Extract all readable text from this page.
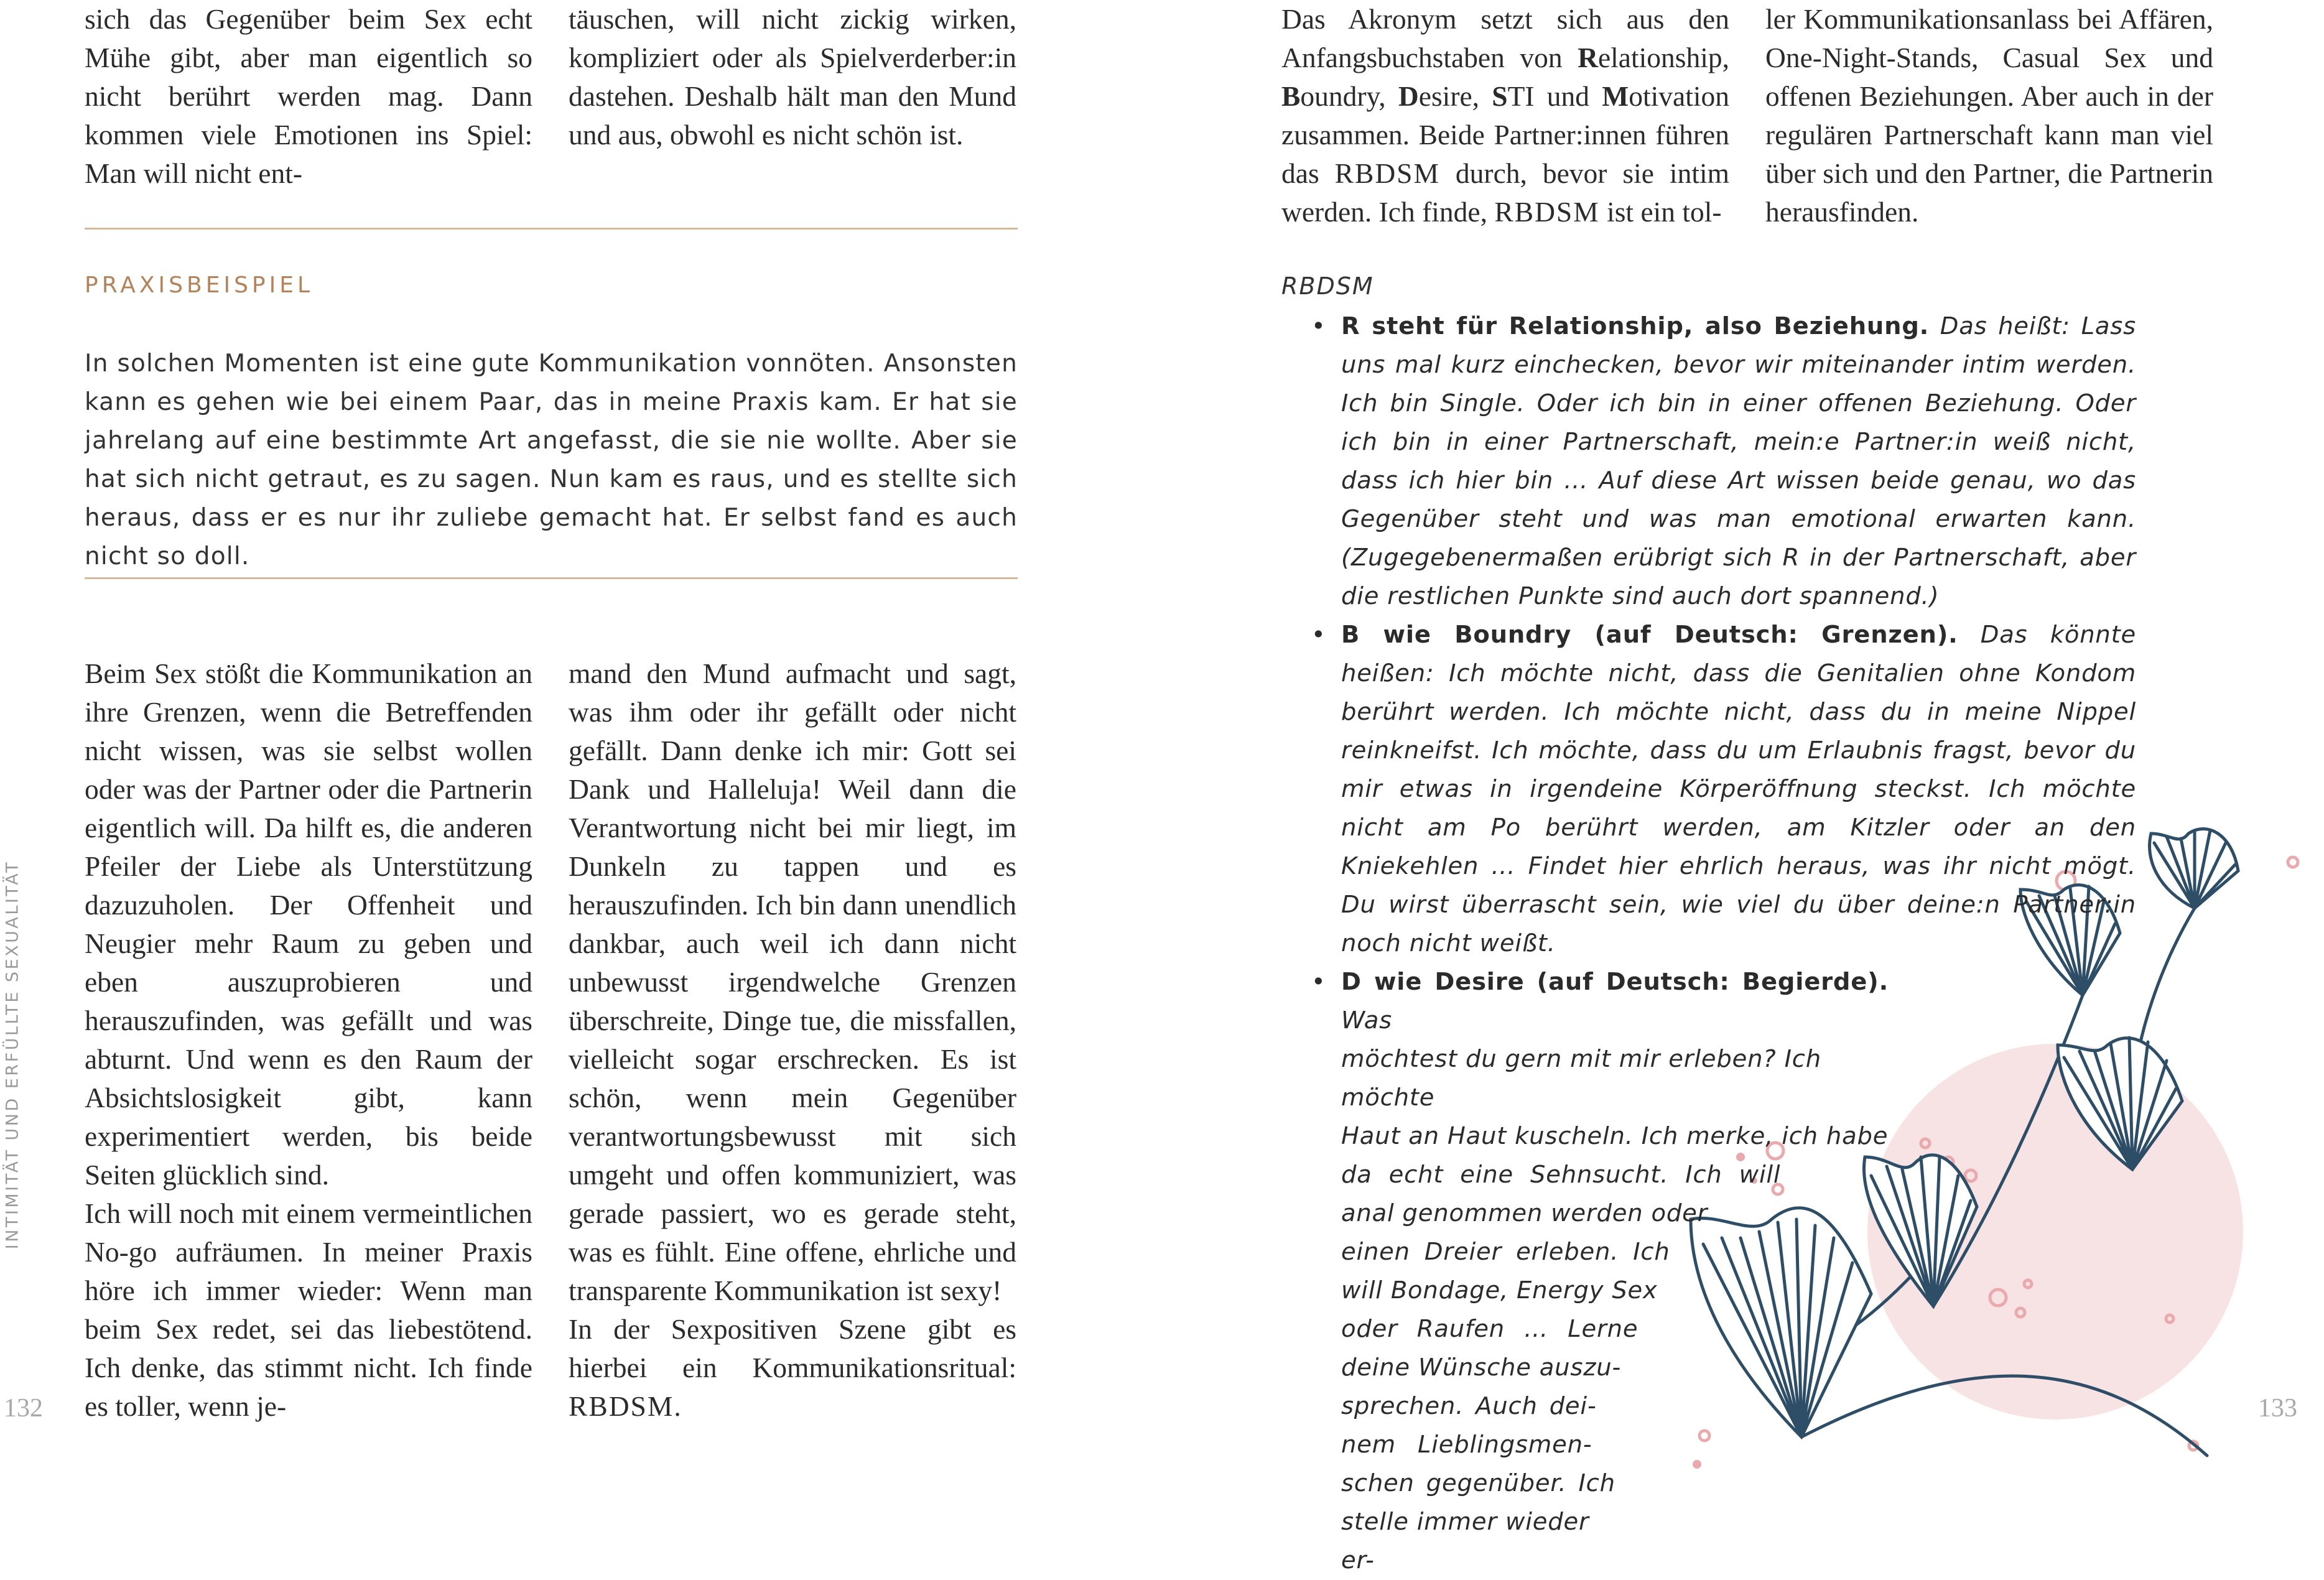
sich das Gegenüber beim Sex echt Mühe gibt, aber man eigentlich so nicht berührt werden mag. Dann kommen viele Emotionen ins Spiel: Man will nicht ent-

täuschen, will nicht zickig wirken, kompliziert oder als Spielverderber:in dastehen. Deshalb hält man den Mund und aus, obwohl es nicht schön ist.

PRAXISBEISPIEL

In solchen Momenten ist eine gute Kommunikation vonnöten. Ansonsten kann es gehen wie bei einem Paar, das in meine Praxis kam. Er hat sie jahrelang auf eine bestimmte Art angefasst, die sie nie wollte. Aber sie hat sich nicht getraut, es zu sagen. Nun kam es raus, und es stellte sich heraus, dass er es nur ihr zuliebe gemacht hat. Er selbst fand es auch nicht so doll.

Beim Sex stößt die Kommunikation an ihre Grenzen, wenn die Betreffenden nicht wissen, was sie selbst wollen oder was der Partner oder die Partnerin eigentlich will. Da hilft es, die anderen Pfeiler der Liebe als Unterstützung dazuzuholen. Der Offenheit und Neugier mehr Raum zu geben und eben auszuprobieren und herauszufinden, was gefällt und was abturnt. Und wenn es den Raum der Absichtslosigkeit gibt, kann experimentiert werden, bis beide Seiten glücklich sind.

Ich will noch mit einem vermeintlichen No-go aufräumen. In meiner Praxis höre ich immer wieder: Wenn man beim Sex redet, sei das liebestötend. Ich denke, das stimmt nicht. Ich finde es toller, wenn je-

mand den Mund aufmacht und sagt, was ihm oder ihr gefällt oder nicht gefällt. Dann denke ich mir: Gott sei Dank und Halleluja! Weil dann die Verantwortung nicht bei mir liegt, im Dunkeln zu tappen und es herauszufinden. Ich bin dann unendlich dankbar, auch weil ich dann nicht unbewusst irgendwelche Grenzen überschreite, Dinge tue, die missfallen, vielleicht sogar erschrecken. Es ist schön, wenn mein Gegenüber verantwortungsbewusst mit sich umgeht und offen kommuniziert, was gerade passiert, wo es gerade steht, was es fühlt. Eine offene, ehrliche und transparente Kommunikation ist sexy!

In der Sexpositiven Szene gibt es hierbei ein Kommunikationsritual: RBDSM.

INTIMITÄT UND ERFÜLLTE SEXUALITÄT
132

Das Akronym setzt sich aus den Anfangsbuchstaben von Relationship, Boundry, Desire, STI und Motivation zusammen. Beide Partner:innen führen das RBDSM durch, bevor sie intim werden. Ich finde, RBDSM ist ein tol-

ler Kommunikationsanlass bei Affären, One-Night-Stands, Casual Sex und offenen Beziehungen. Aber auch in der regulären Partnerschaft kann man viel über sich und den Partner, die Partnerin herausfinden.

RBDSM
• R steht für Relationship, also Beziehung. Das heißt: Lass uns mal kurz einchecken, bevor wir miteinander intim werden. Ich bin Single. Oder ich bin in einer offenen Beziehung. Oder ich bin in einer Partnerschaft, mein:e Partner:in weiß nicht, dass ich hier bin … Auf diese Art wissen beide genau, wo das Gegenüber steht und was man emotional erwarten kann. (Zugegebenermaßen erübrigt sich R in der Partnerschaft, aber die restlichen Punkte sind auch dort spannend.)
• B wie Boundry (auf Deutsch: Grenzen). Das könnte heißen: Ich möchte nicht, dass die Genitalien ohne Kondom berührt werden. Ich möchte nicht, dass du in meine Nippel reinkneifst. Ich möchte, dass du um Erlaubnis fragst, bevor du mir etwas in irgendeine Körperöffnung steckst. Ich möchte nicht am Po berührt werden, am Kitzler oder an den Kniekehlen … Findet hier ehrlich heraus, was ihr nicht mögt. Du wirst überrascht sein, wie viel du über deine:n Partner:in noch nicht weißt.
• D wie Desire (auf Deutsch: Begierde). Was
möchtest du gern mit mir erleben? Ich möchte
Haut an Haut kuscheln. Ich merke, ich habe
da echt eine Sehnsucht. Ich will
anal genommen werden oder
einen Dreier erleben. Ich
will Bondage, Energy Sex
oder Raufen … Lerne
deine Wünsche auszu-
sprechen. Auch dei-
nem Lieblingsmen-
schen gegenüber. Ich
stelle immer wieder er-
133
